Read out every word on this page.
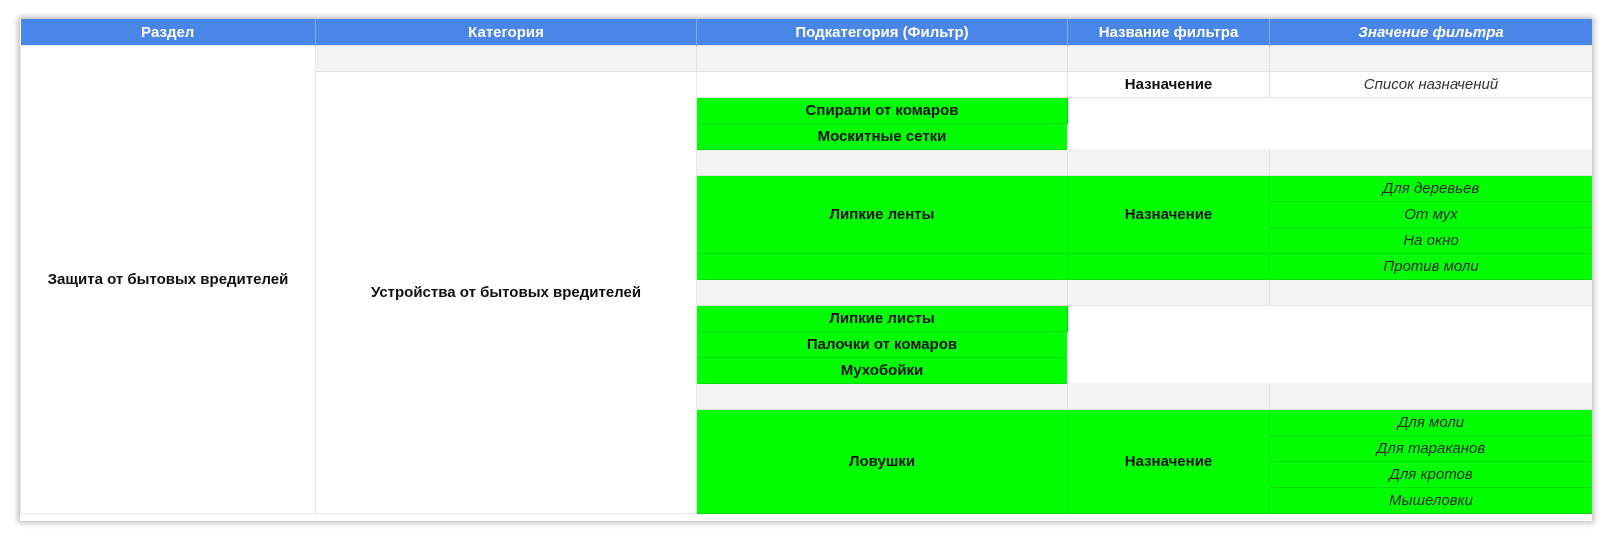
Раздел	Категория	Подкатегория (Фильтр)	Название фильтра	Значение фильтра
Защита от бытовых вредителей				
	Устройства от бытовых вредителей		Назначение	Список назначений
		Спирали от комаров		
		Москитные сетки		

		Липкие ленты	Назначение	Для деревьев
				От мух
				На окно
				Против моли

		Липкие листы		
		Палочки от комаров		
		Мухобойки		

		Ловушки	Назначение	Для моли
				Для тараканов
				Для кротов
				Мышеловки
